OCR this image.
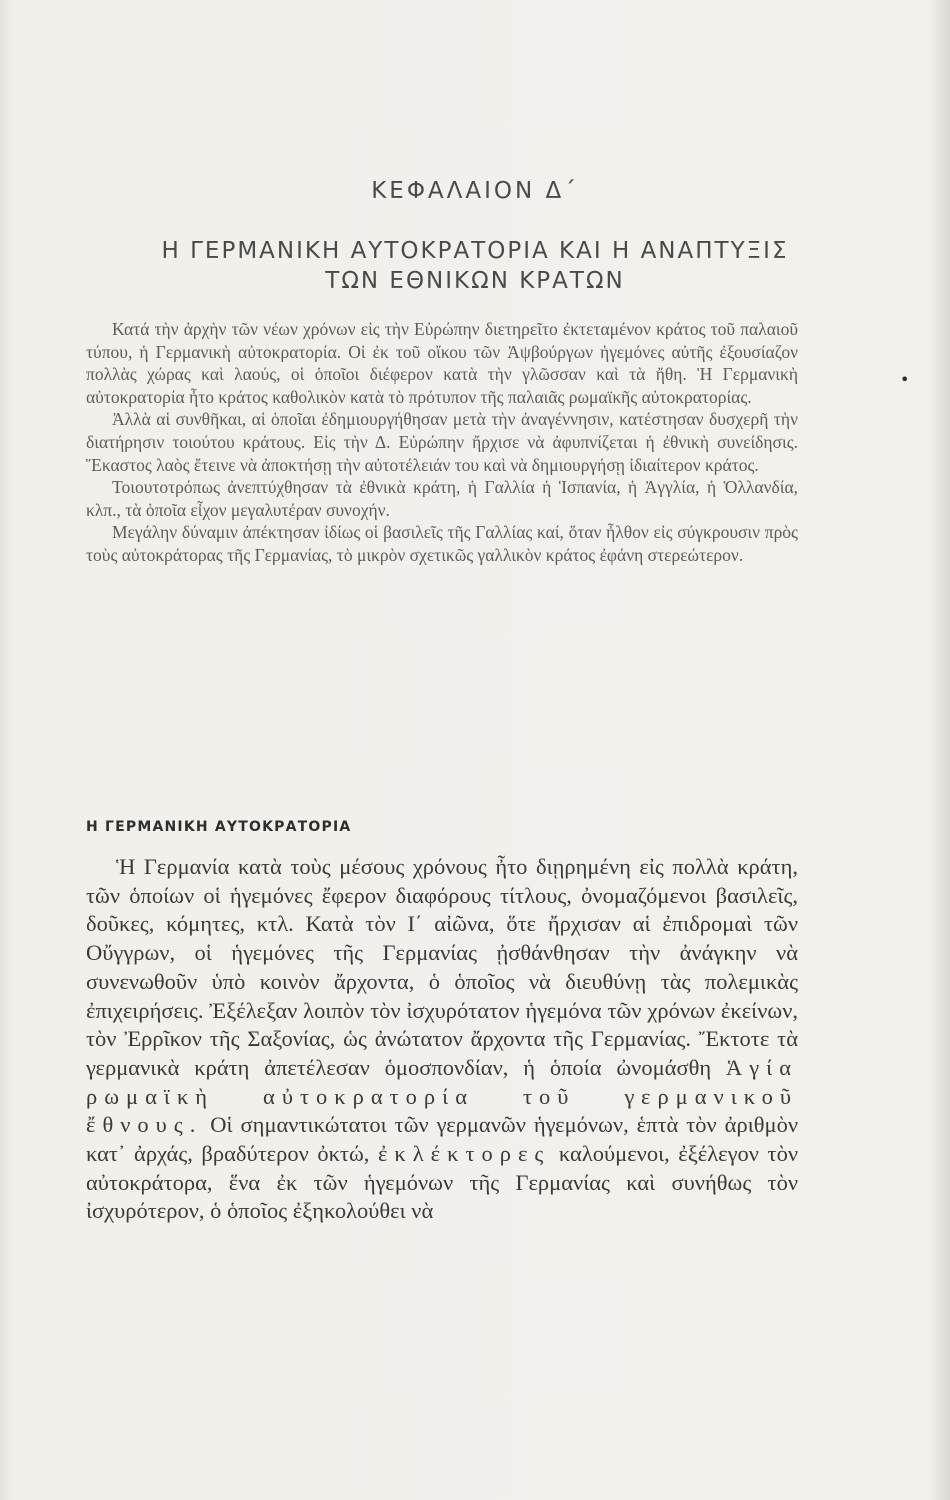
ΚΕΦΑΛΑΙΟΝ Δ΄
Η ΓΕΡΜΑΝΙΚΗ ΑΥΤΟΚΡΑΤΟΡΙΑ ΚΑΙ Η ΑΝΑΠΤΥΞΙΣ
ΤΩΝ ΕΘΝΙΚΩΝ ΚΡΑΤΩΝ

Κατά τὴν ἀρχὴν τῶν νέων χρόνων εἰς τὴν Εὐρώπην διετηρεῖτο ἐκτεταμένον κράτος τοῦ παλαιοῦ τύπου, ἡ Γερμανικὴ αὐτοκρατορία. Οἱ ἐκ τοῦ οἴκου τῶν Ἀψβούργων ἡγεμόνες αὐτῆς ἐξουσίαζον πολλὰς χώρας καὶ λαούς, οἱ ὁποῖοι διέφερον κατὰ τὴν γλῶσσαν καὶ τὰ ἤθη. Ἡ Γερμανικὴ αὐτοκρατορία ἦτο κράτος καθολικὸν κατὰ τὸ πρότυπον τῆς παλαιᾶς ρωμαϊκῆς αὐτοκρατορίας.

Ἀλλὰ αἱ συνθῆκαι, αἱ ὁποῖαι ἐδημιουργήθησαν μετὰ τὴν ἀναγέννησιν, κατέστησαν δυσχερῆ τὴν διατήρησιν τοιούτου κράτους. Εἰς τὴν Δ. Εὐρώπην ἤρχισε νὰ ἀφυπνίζεται ἡ ἐθνικὴ συνείδησις. Ἕκαστος λαὸς ἔτεινε νὰ ἀποκτήσῃ τὴν αὐτοτέλειάν του καὶ νὰ δημιουργήσῃ ἰδιαίτερον κράτος.

Τοιουτοτρόπως ἀνεπτύχθησαν τὰ ἐθνικὰ κράτη, ἡ Γαλλία ἡ Ἱσπανία, ἡ Ἀγγλία, ἡ Ὁλλανδία, κλπ., τὰ ὁποῖα εἶχον μεγαλυτέραν συνοχήν.

Μεγάλην δύναμιν ἀπέκτησαν ἰδίως οἱ βασιλεῖς τῆς Γαλλίας καί, ὅταν ἦλθον εἰς σύγκρουσιν πρὸς τοὺς αὐτοκράτορας τῆς Γερμανίας, τὸ μικρὸν σχετικῶς γαλλικὸν κράτος ἐφάνη στερεώτερον.

•
Η ΓΕΡΜΑΝΙΚΗ ΑΥΤΟΚΡΑΤΟΡΙΑ

Ἡ Γερμανία κατὰ τοὺς μέσους χρόνους ἦτο διῃρημένη εἰς πολλὰ κράτη, τῶν ὁποίων οἱ ἡγεμόνες ἔφερον διαφόρους τίτλους, ὀνομαζόμενοι βασιλεῖς, δοῦκες, κόμητες, κτλ. Κατὰ τὸν Ι΄ αἰῶνα, ὅτε ἤρχισαν αἱ ἐπιδρομαὶ τῶν Οὔγγρων, οἱ ἡγεμόνες τῆς Γερμανίας ᾐσθάνθησαν τὴν ἀνάγκην νὰ συνενωθοῦν ὑπὸ κοινὸν ἄρχοντα, ὁ ὁποῖος νὰ διευθύνῃ τὰς πολεμικὰς ἐπιχειρήσεις. Ἐξέλεξαν λοιπὸν τὸν ἰσχυρότατον ἡγεμόνα τῶν χρόνων ἐκείνων, τὸν Ἐρρῖκον τῆς Σαξονίας, ὡς ἀνώτατον ἄρχοντα τῆς Γερμανίας. Ἔκτοτε τὰ γερμανικὰ κράτη ἀπετέλεσαν ὁμοσπονδίαν, ἡ ὁποία ὠνομάσθη Ἁγία ρωμαϊκὴ αὐτοκρατορία τοῦ γερμανικοῦ ἔθνους. Οἱ σημαντικώτατοι τῶν γερμανῶν ἡγεμόνων, ἑπτὰ τὸν ἀριθμὸν κατ᾽ ἀρχάς, βραδύτερον ὀκτώ, ἐκλέκτορες καλούμενοι, ἐξέλεγον τὸν αὐτοκράτορα, ἕνα ἐκ τῶν ἡγεμόνων τῆς Γερμανίας καὶ συνήθως τὸν ἰσχυρότερον, ὁ ὁποῖος ἐξηκολούθει νὰ
